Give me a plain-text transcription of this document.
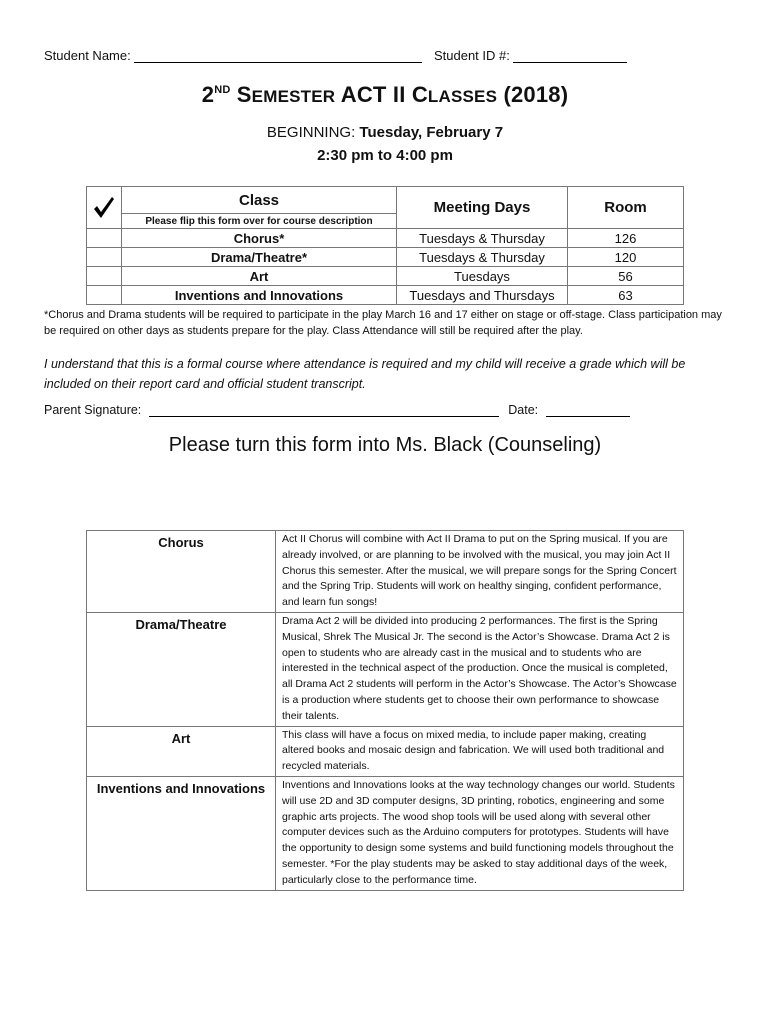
Student Name:	Student ID #:
2ND SEMESTER ACT II CLASSES (2018)
BEGINNING: Tuesday, February 7
2:30 pm to 4:00 pm
	Class	Meeting Days	Room
	Please flip this form over for course description		
	Chorus*	Tuesdays & Thursday	126
	Drama/Theatre*	Tuesdays & Thursday	120
	Art	Tuesdays	56
	Inventions and Innovations	Tuesdays and Thursdays	63
*Chorus and Drama students will be required to participate in the play March 16 and 17 either on stage or off-stage. Class participation may be required on other days as students prepare for the play. Class Attendance will still be required after the play.
I understand that this is a formal course where attendance is required and my child will receive a grade which will be included on their report card and official student transcript.
Parent Signature:	Date:
Please turn this form into Ms. Black (Counseling)
Chorus	Act II Chorus will combine with Act II Drama to put on the Spring musical. If you are already involved, or are planning to be involved with the musical, you may join Act II Chorus this semester. After the musical, we will prepare songs for the Spring Concert and the Spring Trip. Students will work on healthy singing, confident performance, and learn fun songs!
Drama/Theatre	Drama Act 2 will be divided into producing 2 performances. The first is the Spring Musical, Shrek The Musical Jr. The second is the Actor’s Showcase. Drama Act 2 is open to students who are already cast in the musical and to students who are interested in the technical aspect of the production. Once the musical is completed, all Drama Act 2 students will perform in the Actor’s Showcase. The Actor’s Showcase is a production where students get to choose their own performance to showcase their talents.
Art	This class will have a focus on mixed media, to include paper making, creating altered books and mosaic design and fabrication. We will used both traditional and recycled materials.
Inventions and Innovations	Inventions and Innovations looks at the way technology changes our world. Students will use 2D and 3D computer designs, 3D printing, robotics, engineering and some graphic arts projects. The wood shop tools will be used along with several other computer devices such as the Arduino computers for prototypes. Students will have the opportunity to design some systems and build functioning models throughout the semester. *For the play students may be asked to stay additional days of the week, particularly close to the performance time.
